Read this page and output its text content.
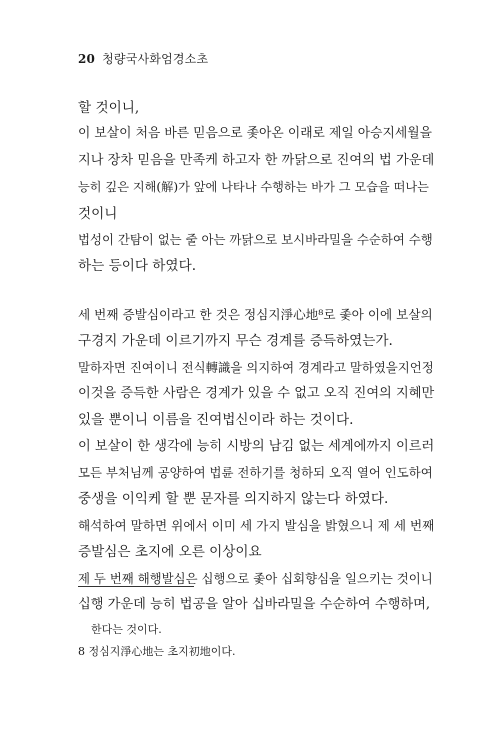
20 청량국사화엄경소초
할 것이니,
이 보살이 처음 바른 믿음으로 좇아온 이래로 제일 아승지세월을
지나 장차 믿음을 만족케 하고자 한 까닭으로 진여의 법 가운데
능히 깊은 지해(解)가 앞에 나타나 수행하는 바가 그 모습을 떠나는
것이니
법성이 간탐이 없는 줄 아는 까닭으로 보시바라밀을 수순하여 수행
하는 등이다 하였다.
세 번째 증발심이라고 한 것은 정심지淨心地⁸로 좇아 이에 보살의
구경지 가운데 이르기까지 무슨 경계를 증득하였는가.
말하자면 진여이니 전식轉識을 의지하여 경계라고 말하였을지언정
이것을 증득한 사람은 경계가 있을 수 없고 오직 진여의 지혜만
있을 뿐이니 이름을 진여법신이라 하는 것이다.
이 보살이 한 생각에 능히 시방의 남김 없는 세계에까지 이르러
모든 부처님께 공양하여 법륜 전하기를 청하되 오직 열어 인도하여
중생을 이익케 할 뿐 문자를 의지하지 않는다 하였다.
해석하여 말하면 위에서 이미 세 가지 발심을 밝혔으니 제 세 번째
증발심은 초지에 오른 이상이요
제 두 번째 해행발심은 십행으로 좇아 십회향심을 일으키는 것이니
십행 가운데 능히 법공을 알아 십바라밀을 수순하여 수행하며,
한다는 것이다.
8 정심지淨心地는 초지初地이다.
